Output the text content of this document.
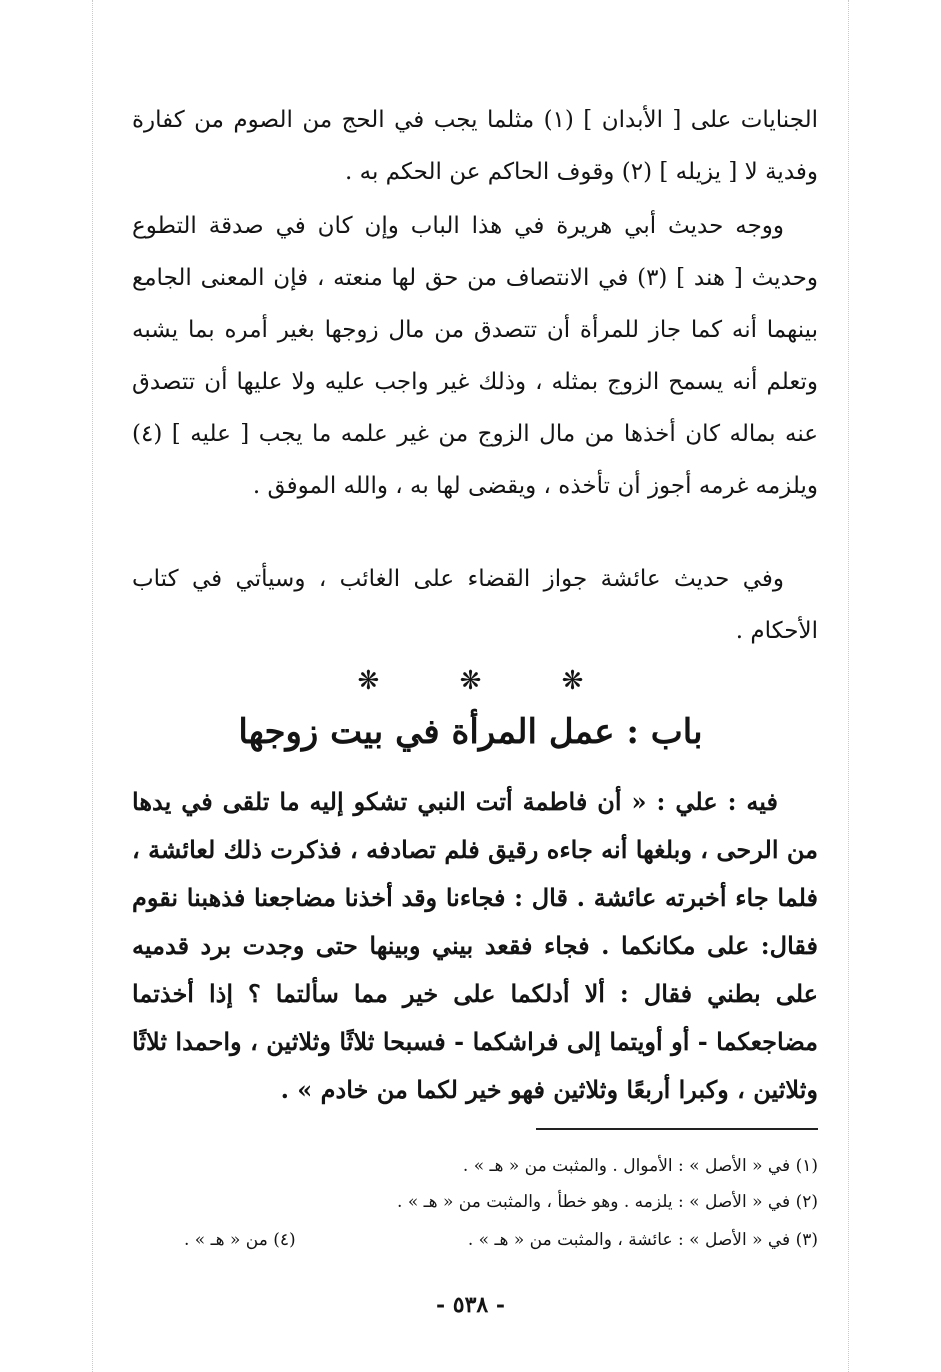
الجنايات على [ الأبدان ] (١) مثلما يجب في الحج من الصوم من كفارة وفدية لا [ يزيله ] (٢) وقوف الحاكم عن الحكم به .

ووجه حديث أبي هريرة في هذا الباب وإن كان في صدقة التطوع وحديث [ هند ] (٣) في الانتصاف من حق لها منعته ، فإن المعنى الجامع بينهما أنه كما جاز للمرأة أن تتصدق من مال زوجها بغير أمره بما يشبه وتعلم أنه يسمح الزوج بمثله ، وذلك غير واجب عليه ولا عليها أن تتصدق عنه بماله كان أخذها من مال الزوج من غير علمه ما يجب [ عليه ] (٤) ويلزمه غرمه أجوز أن تأخذه ، ويقضى لها به ، والله الموفق .

وفي حديث عائشة جواز القضاء على الغائب ، وسيأتي في كتاب الأحكام .

❋	❋	❋
باب : عمل المرأة في بيت زوجها

فيه : علي : « أن فاطمة أتت النبي تشكو إليه ما تلقى في يدها من الرحى ، وبلغها أنه جاءه رقيق فلم تصادفه ، فذكرت ذلك لعائشة ، فلما جاء أخبرته عائشة . قال : فجاءنا وقد أخذنا مضاجعنا فذهبنا نقوم فقال: على مكانكما . فجاء فقعد بيني وبينها حتى وجدت برد قدميه على بطني فقال : ألا أدلكما على خير مما سألتما ؟ إذا أخذتما مضاجعكما - أو أويتما إلى فراشكما - فسبحا ثلاثًا وثلاثين ، واحمدا ثلاثًا وثلاثين ، وكبرا أربعًا وثلاثين فهو خير لكما من خادم » .

(١) في « الأصل » : الأموال . والمثبت من « هـ » .
(٢) في « الأصل » : يلزمه . وهو خطأ ، والمثبت من « هـ » .
(٣) في « الأصل » : عائشة ، والمثبت من « هـ » .
(٤) من « هـ » .
- ٥٣٨ -
